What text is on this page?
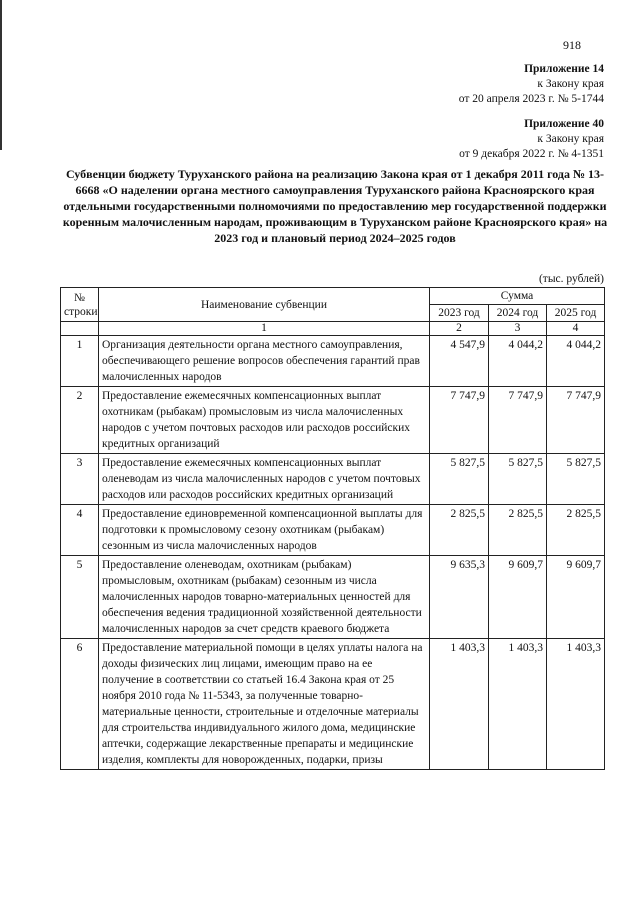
918
Приложение 14
к Закону края
от 20 апреля 2023 г. № 5-1744
Приложение 40
к Закону края
от 9 декабря 2022 г. № 4-1351
Субвенции бюджету Туруханского района на реализацию Закона края от 1 декабря 2011 года № 13-6668 «О наделении органа местного самоуправления Туруханского района Красноярского края отдельными государственными полномочиями по предоставлению мер государственной поддержки коренным малочисленным народам, проживающим в Туруханском районе Красноярского края» на 2023 год и плановый период 2024–2025 годов
(тыс. рублей)
№ строки	Наименование субвенции	Сумма		
		2023 год	2024 год	2025 год
	1	2	3	4
1	Организация деятельности органа местного самоуправления, обеспечивающего решение вопросов обеспечения гарантий прав малочисленных народов	4 547,9	4 044,2	4 044,2
2	Предоставление ежемесячных компенсационных выплат охотникам (рыбакам) промысловым из числа малочисленных народов с учетом почтовых расходов или расходов российских кредитных организаций	7 747,9	7 747,9	7 747,9
3	Предоставление ежемесячных компенсационных выплат оленеводам из числа малочисленных народов с учетом почтовых расходов или расходов российских кредитных организаций	5 827,5	5 827,5	5 827,5
4	Предоставление единовременной компенсационной выплаты для подготовки к промысловому сезону охотникам (рыбакам) сезонным из числа малочисленных народов	2 825,5	2 825,5	2 825,5
5	Предоставление оленеводам, охотникам (рыбакам) промысловым, охотникам (рыбакам) сезонным из числа малочисленных народов товарно-материальных ценностей для обеспечения ведения традиционной хозяйственной деятельности малочисленных народов за счет средств краевого бюджета	9 635,3	9 609,7	9 609,7
6	Предоставление материальной помощи в целях уплаты налога на доходы физических лиц лицами, имеющим право на ее получение в соответствии со статьей 16.4 Закона края от 25 ноября 2010 года № 11-5343, за полученные товарно-материальные ценности, строительные и отделочные материалы для строительства индивидуального жилого дома, медицинские аптечки, содержащие лекарственные препараты и медицинские изделия, комплекты для новорожденных, подарки, призы	1 403,3	1 403,3	1 403,3
